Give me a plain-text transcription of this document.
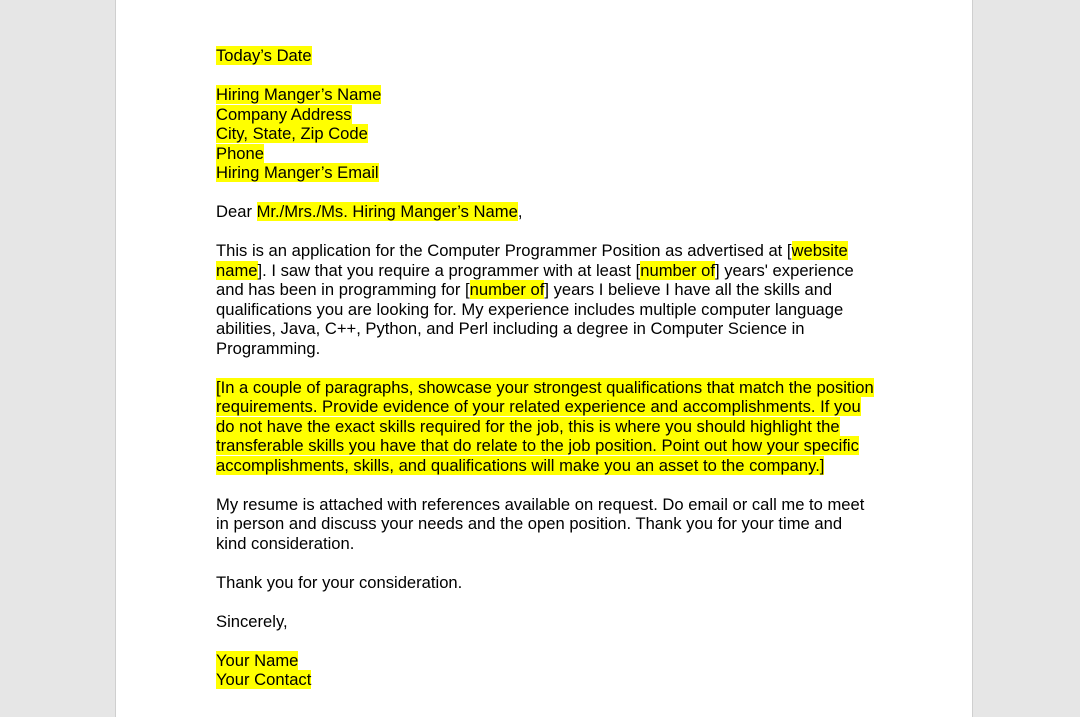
Today’s Date
Hiring Manger’s Name
Company Address
City, State, Zip Code
Phone
Hiring Manger’s Email
Dear Mr./Mrs./Ms. Hiring Manger’s Name,
This is an application for the Computer Programmer Position as advertised at [website
name]. I saw that you require a programmer with at least [number of] years' experience and has been in programming for [number of] years I believe I have all the skills and qualifications you are looking for. My experience includes multiple computer language abilities, Java, C++, Python, and Perl including a degree in Computer Science in Programming.
[In a couple of paragraphs, showcase your strongest qualifications that match the position requirements. Provide evidence of your related experience and accomplishments. If you do not have the exact skills required for the job, this is where you should highlight the transferable skills you have that do relate to the job position. Point out how your specific accomplishments, skills, and qualifications will make you an asset to the company.]
My resume is attached with references available on request. Do email or call me to meet in person and discuss your needs and the open position. Thank you for your time and kind consideration.
Thank you for your consideration.
Sincerely,
Your Name
Your Contact
